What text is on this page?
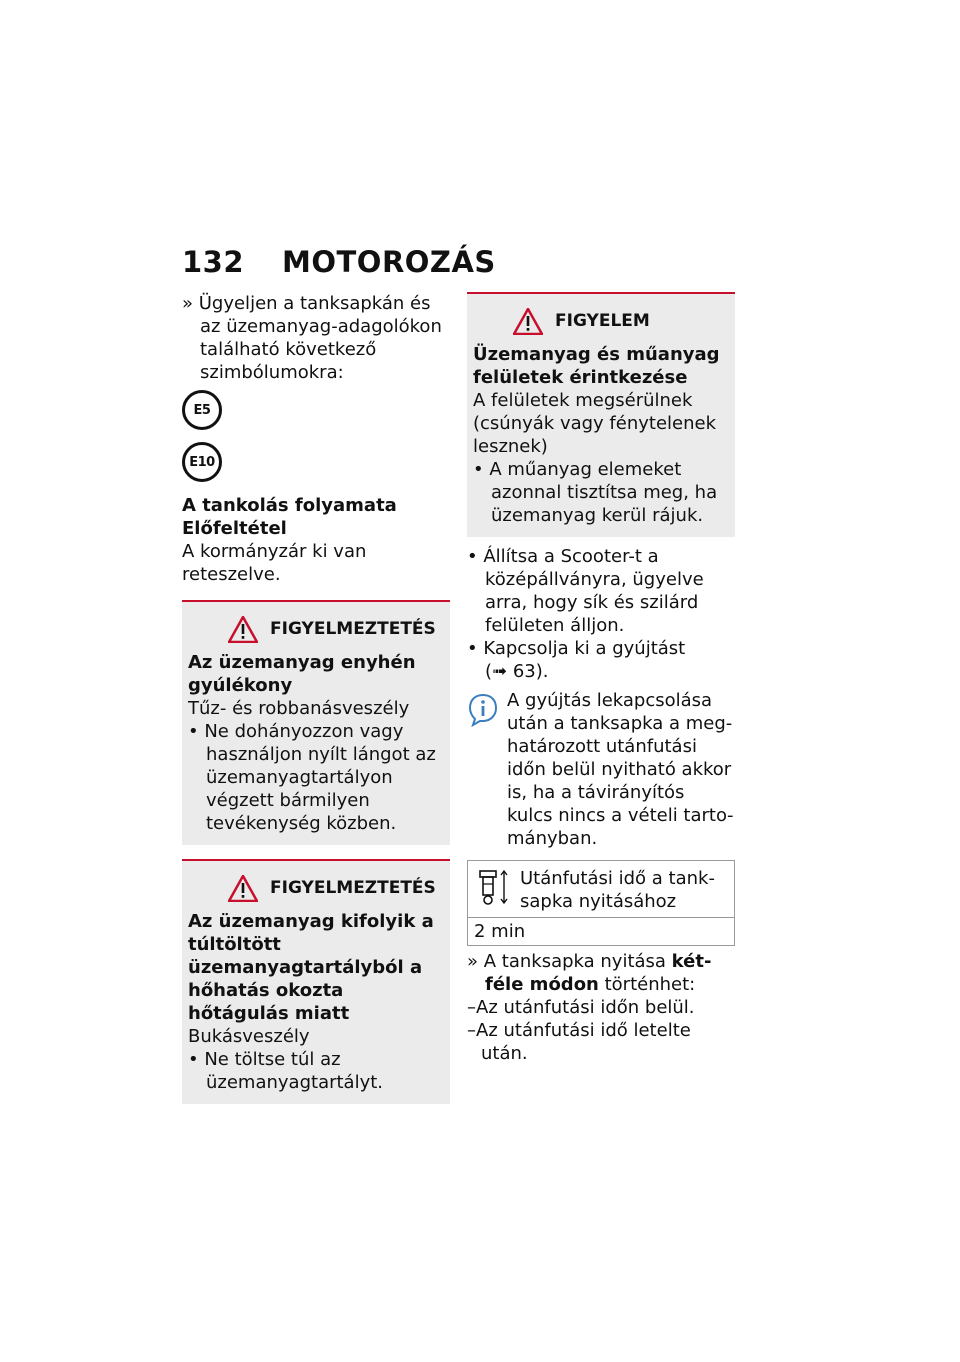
132 MOTOROZÁS

» Ügyeljen a tanksapkán és az üzemanyag-adagolókon található következő szimbólumokra:

E5
E10

A tankolás folyamata

Előfeltétel

A kormányzár ki van reteszelve.

FIGYELMEZTETÉS

Az üzemanyag enyhén gyúlékony

Tűz- és robbanásveszély

• Ne dohányozzon vagy használjon nyílt lángot az üzemanyagtartályon végzett bármilyen tevékenység közben.

FIGYELMEZTETÉS

Az üzemanyag kifolyik a túltöltött üzemanyagtartályból a hőhatás okozta hőtágulás miatt

Bukásveszély

• Ne töltse túl az üzemanyagtartályt.

FIGYELEM

Üzemanyag és műanyag felületek érintkezése

A felületek megsérülnek (csúnyák vagy fénytelenek lesznek)

• A műanyag elemeket azonnal tisztítsa meg, ha üzemanyag kerül rájuk.

• Állítsa a Scooter-t a középállványra, ügyelve arra, hogy sík és szilárd felületen álljon.

• Kapcsolja ki a gyújtást

(➟ 63).

A gyújtás lekapcsolása után a tanksapka a meghatározott utánfutási időn belül nyitható akkor is, ha a távirányítós kulcs nincs a vételi tartományban.

Utánfutási idő a tanksapka nyitásához

2 min

» A tanksapka nyitása kétféle módon történhet:

–Az utánfutási időn belül.

–Az utánfutási idő letelte után.
